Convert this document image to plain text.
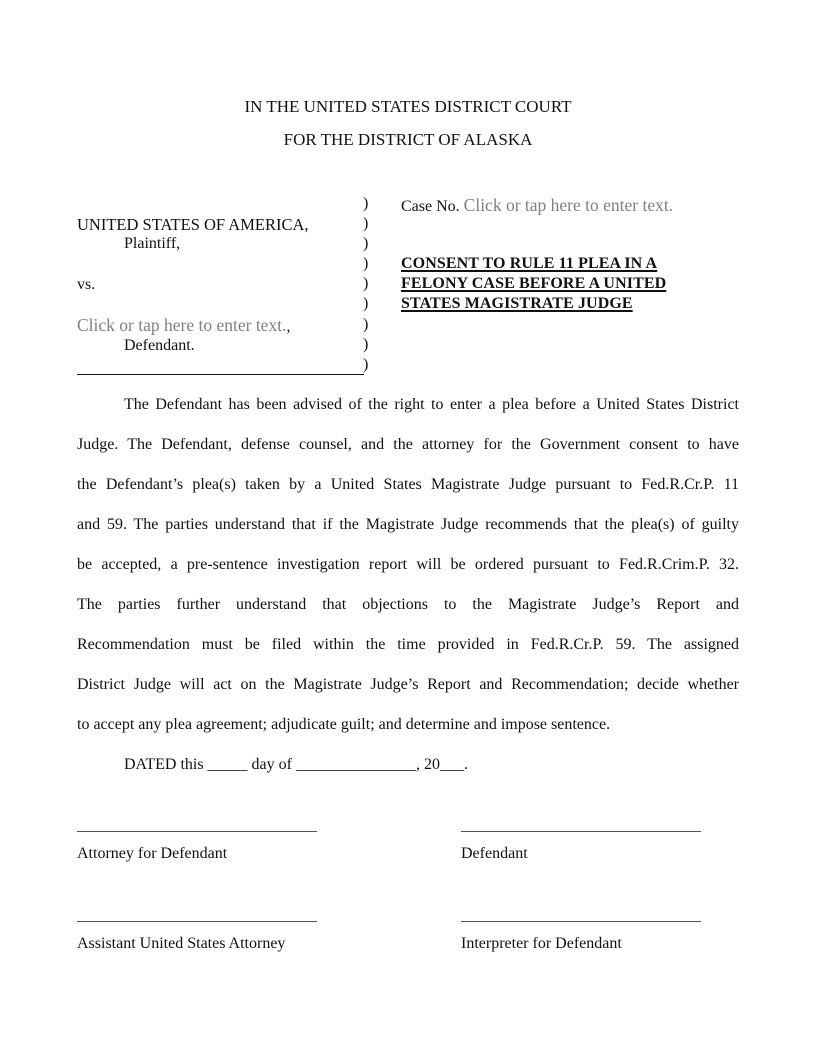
IN THE UNITED STATES DISTRICT COURT
FOR THE DISTRICT OF ALASKA
UNITED STATES OF AMERICA,
Plaintiff,
vs.
Click or tap here to enter text.,
Defendant.
)
)
)
)
)
)
)
)
)
Case No. Click or tap here to enter text.
CONSENT TO RULE 11 PLEA IN A
FELONY CASE BEFORE A UNITED
STATES MAGISTRATE JUDGE
The Defendant has been advised of the right to enter a plea before a United States District
Judge. The Defendant, defense counsel, and the attorney for the Government consent to have
the Defendant’s plea(s) taken by a United States Magistrate Judge pursuant to Fed.R.Cr.P. 11
and 59. The parties understand that if the Magistrate Judge recommends that the plea(s) of guilty
be accepted, a pre-sentence investigation report will be ordered pursuant to Fed.R.Crim.P. 32.
The parties further understand that objections to the Magistrate Judge’s Report and
Recommendation must be filed within the time provided in Fed.R.Cr.P. 59. The assigned
District Judge will act on the Magistrate Judge’s Report and Recommendation; decide whether
to accept any plea agreement; adjudicate guilt; and determine and impose sentence.
DATED this _____ day of _______________, 20___.
Attorney for Defendant	Defendant
Assistant United States Attorney	Interpreter for Defendant
